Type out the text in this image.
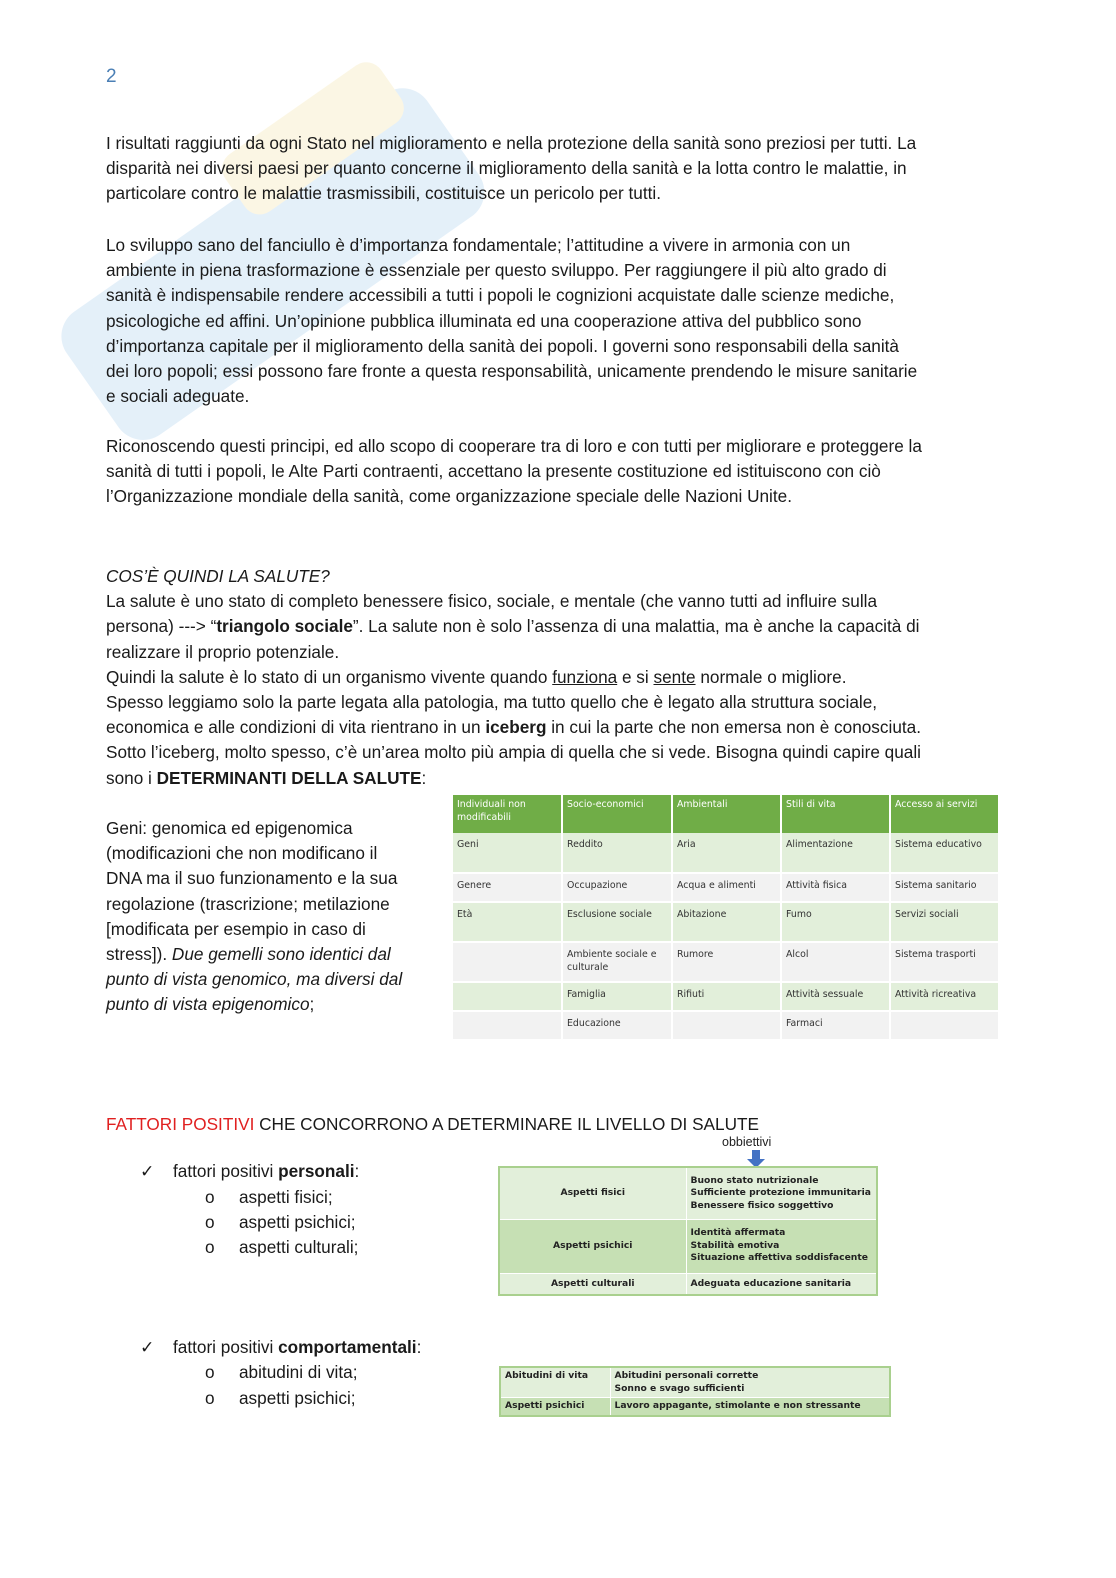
2
I risultati raggiunti da ogni Stato nel miglioramento e nella protezione della sanità sono preziosi per tutti. La
disparità nei diversi paesi per quanto concerne il miglioramento della sanità e la lotta contro le malattie, in
particolare contro le malattie trasmissibili, costituisce un pericolo per tutti.
Lo sviluppo sano del fanciullo è d’importanza fondamentale; l’attitudine a vivere in armonia con un
ambiente in piena trasformazione è essenziale per questo sviluppo. Per raggiungere il più alto grado di
sanità è indispensabile rendere accessibili a tutti i popoli le cognizioni acquistate dalle scienze mediche,
psicologiche ed affini. Un’opinione pubblica illuminata ed una cooperazione attiva del pubblico sono
d’importanza capitale per il miglioramento della sanità dei popoli. I governi sono responsabili della sanità
dei loro popoli; essi possono fare fronte a questa responsabilità, unicamente prendendo le misure sanitarie
e sociali adeguate.
Riconoscendo questi principi, ed allo scopo di cooperare tra di loro e con tutti per migliorare e proteggere la
sanità di tutti i popoli, le Alte Parti contraenti, accettano la presente costituzione ed istituiscono con ciò
l’Organizzazione mondiale della sanità, come organizzazione speciale delle Nazioni Unite.
COS’È QUINDI LA SALUTE?
La salute è uno stato di completo benessere fisico, sociale, e mentale (che vanno tutti ad influire sulla
persona) ---> “triangolo sociale”. La salute non è solo l’assenza di una malattia, ma è anche la capacità di
realizzare il proprio potenziale.
Quindi la salute è lo stato di un organismo vivente quando funziona e si sente normale o migliore.
Spesso leggiamo solo la parte legata alla patologia, ma tutto quello che è legato alla struttura sociale,
economica e alle condizioni di vita rientrano in un iceberg in cui la parte che non emersa non è conosciuta.
Sotto l’iceberg, molto spesso, c’è un’area molto più ampia di quella che si vede. Bisogna quindi capire quali
sono i DETERMINANTI DELLA SALUTE:
Geni: genomica ed epigenomica
(modificazioni che non modificano il
DNA ma il suo funzionamento e la sua
regolazione (trascrizione; metilazione
[modificata per esempio in caso di
stress]). Due gemelli sono identici dal
punto di vista genomico, ma diversi dal
punto di vista epigenomico;
Individuali non modificabili	Socio-economici	Ambientali	Stili di vita	Accesso ai servizi
Geni	Reddito	Aria	Alimentazione	Sistema educativo
Genere	Occupazione	Acqua e alimenti	Attività fisica	Sistema sanitario
Età	Esclusione sociale	Abitazione	Fumo	Servizi sociali
	Ambiente sociale e culturale	Rumore	Alcol	Sistema trasporti
	Famiglia	Rifiuti	Attività sessuale	Attività ricreativa
	Educazione		Farmaci	
FATTORI POSITIVI CHE CONCORRONO A DETERMINARE IL LIVELLO DI SALUTE
obbiettivi
✓ fattori positivi personali:
o aspetti fisici;
o aspetti psichici;
o aspetti culturali;
Aspetti fisici	Buono stato nutrizionale
Sufficiente protezione immunitaria
Benessere fisico soggettivo

Aspetti psichici	Identità affermata
Stabilità emotiva
Situazione affettiva soddisfacente

Aspetti culturali	Adeguata educazione sanitaria
✓ fattori positivi comportamentali:
o abitudini di vita;
o aspetti psichici;
Abitudini di vita	Abitudini personali corrette
Sonno e svago sufficienti

Aspetti psichici	Lavoro appagante, stimolante e non stressante
